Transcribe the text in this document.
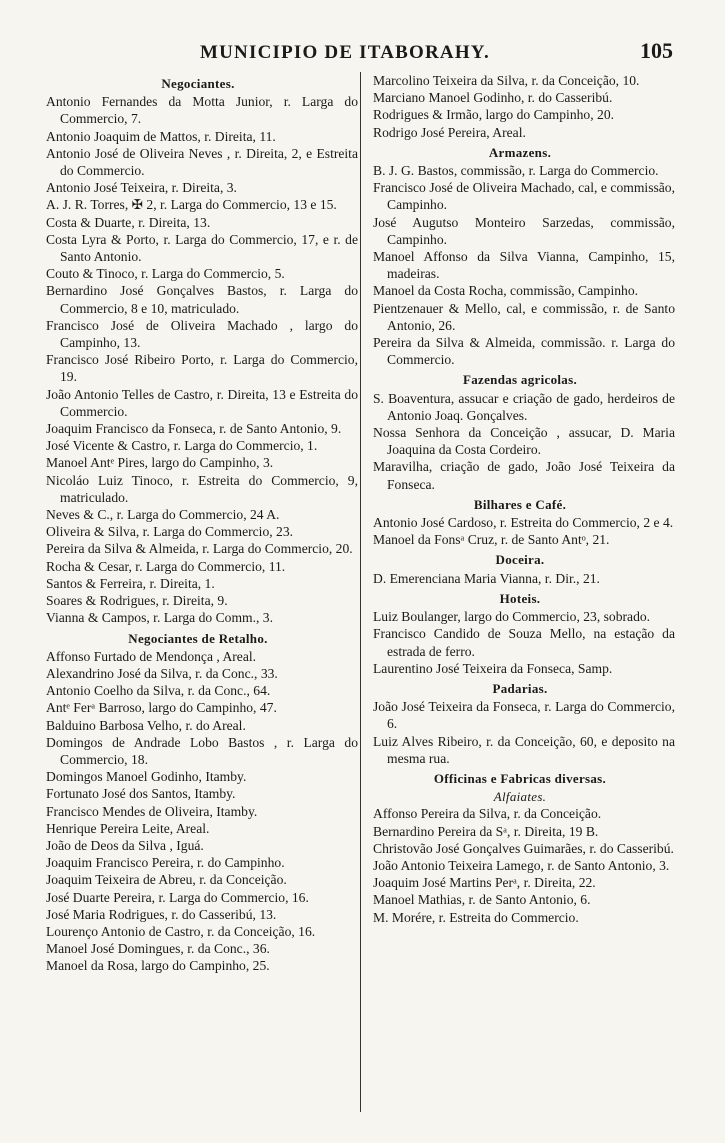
MUNICIPIO DE ITABORAHY.	105
Negociantes.
Antonio Fernandes da Motta Junior, r. Larga do Commercio, 7.
Antonio Joaquim de Mattos, r. Direita, 11.
Antonio José de Oliveira Neves , r. Direita, 2, e Estreita do Commercio.
Antonio José Teixeira, r. Direita, 3.
A. J. R. Torres, ✠ 2, r. Larga do Commercio, 13 e 15.
Costa & Duarte, r. Direita, 13.
Costa Lyra & Porto, r. Larga do Commercio, 17, e r. de Santo Antonio.
Couto & Tinoco, r. Larga do Commercio, 5.
Bernardino José Gonçalves Bastos, r. Larga do Commercio, 8 e 10, matriculado.
Francisco José de Oliveira Machado , largo do Campinho, 13.
Francisco José Ribeiro Porto, r. Larga do Commercio, 19.
João Antonio Telles de Castro, r. Direita, 13 e Estreita do Commercio.
Joaquim Francisco da Fonseca, r. de Santo Antonio, 9.
José Vicente & Castro, r. Larga do Commercio, 1.
Manoel Antᵉ Pires, largo do Campinho, 3.
Nicoláo Luiz Tinoco, r. Estreita do Commercio, 9, matriculado.
Neves & C., r. Larga do Commercio, 24 A.
Oliveira & Silva, r. Larga do Commercio, 23.
Pereira da Silva & Almeida, r. Larga do Commercio, 20.
Rocha & Cesar, r. Larga do Commercio, 11.
Santos & Ferreira, r. Direita, 1.
Soares & Rodrigues, r. Direita, 9.
Vianna & Campos, r. Larga do Comm., 3.
Negociantes de Retalho.
Affonso Furtado de Mendonça , Areal.
Alexandrino José da Silva, r. da Conc., 33.
Antonio Coelho da Silva, r. da Conc., 64.
Antᵉ Ferᵃ Barroso, largo do Campinho, 47.
Balduino Barbosa Velho, r. do Areal.
Domingos de Andrade Lobo Bastos , r. Larga do Commercio, 18.
Domingos Manoel Godinho, Itamby.
Fortunato José dos Santos, Itamby.
Francisco Mendes de Oliveira, Itamby.
Henrique Pereira Leite, Areal.
João de Deos da Silva , Iguá.
Joaquim Francisco Pereira, r. do Campinho.
Joaquim Teixeira de Abreu, r. da Conceição.
José Duarte Pereira, r. Larga do Commercio, 16.
José Maria Rodrigues, r. do Casseribú, 13.
Lourenço Antonio de Castro, r. da Conceição, 16.
Manoel José Domingues, r. da Conc., 36.
Manoel da Rosa, largo do Campinho, 25.
Marcolino Teixeira da Silva, r. da Conceição, 10.
Marciano Manoel Godinho, r. do Casseribú.
Rodrigues & Irmão, largo do Campinho, 20.
Rodrigo José Pereira, Areal.
Armazens.
B. J. G. Bastos, commissão, r. Larga do Commercio.
Francisco José de Oliveira Machado, cal, e commissão, Campinho.
José Augutso Monteiro Sarzedas, commissão, Campinho.
Manoel Affonso da Silva Vianna, Campinho, 15, madeiras.
Manoel da Costa Rocha, commissão, Campinho.
Pientzenauer & Mello, cal, e commissão, r. de Santo Antonio, 26.
Pereira da Silva & Almeida, commissão. r. Larga do Commercio.
Fazendas agricolas.
S. Boaventura, assucar e criação de gado, herdeiros de Antonio Joaq. Gonçalves.
Nossa Senhora da Conceição , assucar, D. Maria Joaquina da Costa Cordeiro.
Maravilha, criação de gado, João José Teixeira da Fonseca.
Bilhares e Café.
Antonio José Cardoso, r. Estreita do Commercio, 2 e 4.
Manoel da Fonsᵃ Cruz, r. de Santo Antᵒ, 21.
Doceira.
D. Emerenciana Maria Vianna, r. Dir., 21.
Hoteis.
Luiz Boulanger, largo do Commercio, 23, sobrado.
Francisco Candido de Souza Mello, na estação da estrada de ferro.
Laurentino José Teixeira da Fonseca, Samp.
Padarias.
João José Teixeira da Fonseca, r. Larga do Commercio, 6.
Luiz Alves Ribeiro, r. da Conceição, 60, e deposito na mesma rua.
Officinas e Fabricas diversas.
Alfaiates.
Affonso Pereira da Silva, r. da Conceição.
Bernardino Pereira da Sᵃ, r. Direita, 19 B.
Christovão José Gonçalves Guimarães, r. do Casseribú.
João Antonio Teixeira Lamego, r. de Santo Antonio, 3.
Joaquim José Martins Perᵃ, r. Direita, 22.
Manoel Mathias, r. de Santo Antonio, 6.
M. Morére, r. Estreita do Commercio.
